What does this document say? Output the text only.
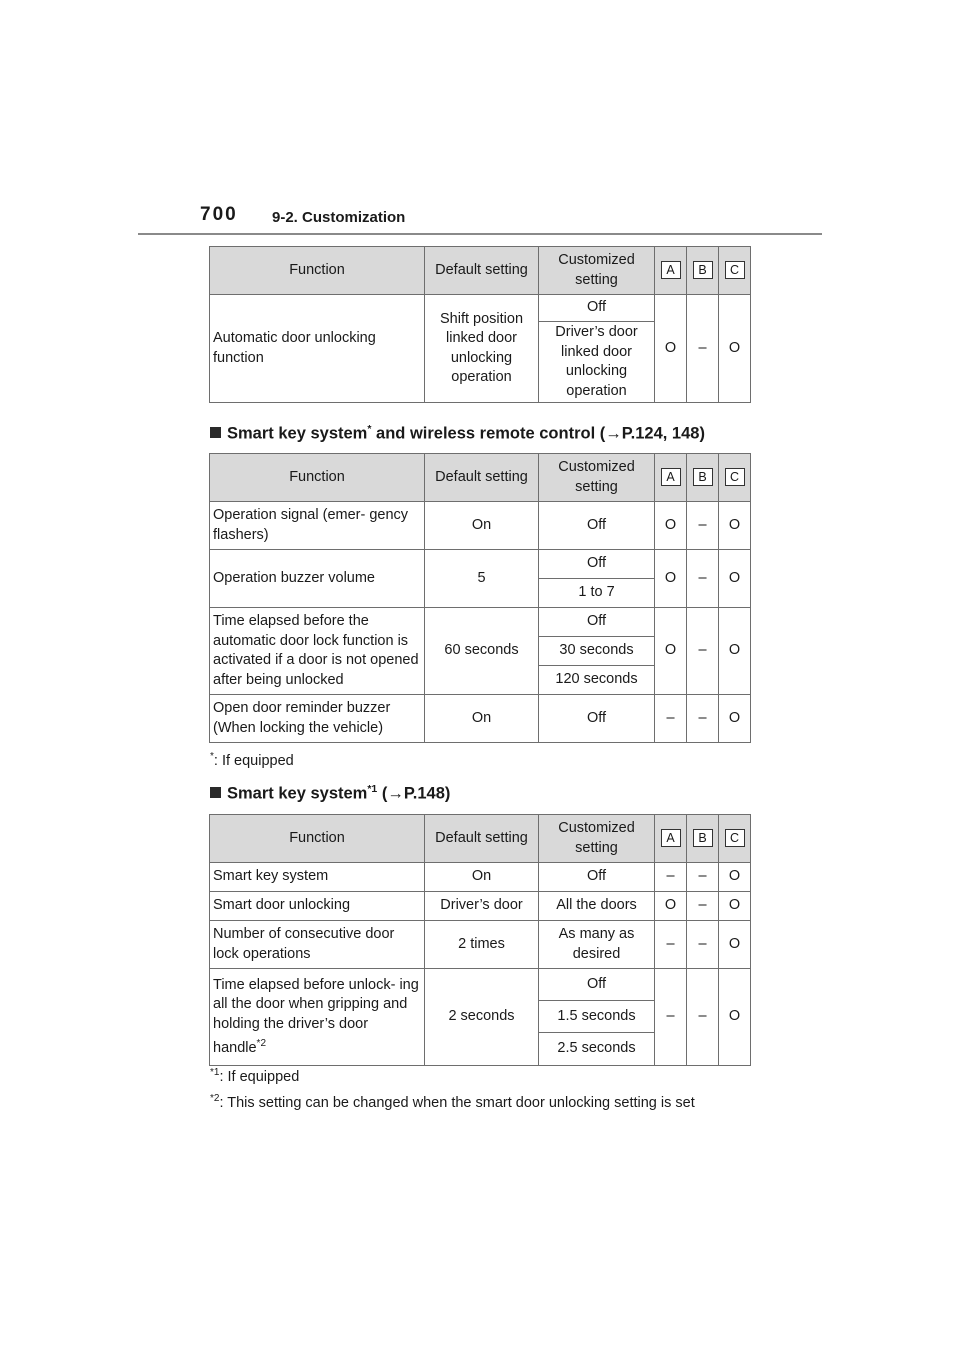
700 9-2. Customization
Function	Default setting	Customized setting	A	B	C
Automatic door unlocking function	Shift position linked door unlocking operation	Off	O	–	O
		Driver’s door linked door unlocking operation			
Smart key system* and wireless remote control (→P.124, 148)
Function	Default setting	Customized setting	A	B	C
Operation signal (emer- gency flashers)	On	Off	O	–	O
Operation buzzer volume	5	Off	O	–	O
		1 to 7			
Time elapsed before the automatic door lock function is activated if a door is not opened after being unlocked	60 seconds	Off	O	–	O
		30 seconds			
		120 seconds			
Open door reminder buzzer (When locking the vehicle)	On	Off	–	–	O
*: If equipped
Smart key system$^{*1}$ (→P.148)
Function	Default setting	Customized setting	A	B	C
Smart key system	On	Off	–	–	O
Smart door unlocking	Driver’s door	All the doors	O	–	O
Number of consecutive door lock operations	2 times	As many as desired	–	–	O
Time elapsed before unlock- ing all the door when gripping and holding the driver’s door handle$^{*2}$	2 seconds	Off	–	–	O
		1.5 seconds			
		2.5 seconds			
$^{*1}$: If equipped
$^{*2}$: This setting can be changed when the smart door unlocking setting is set
